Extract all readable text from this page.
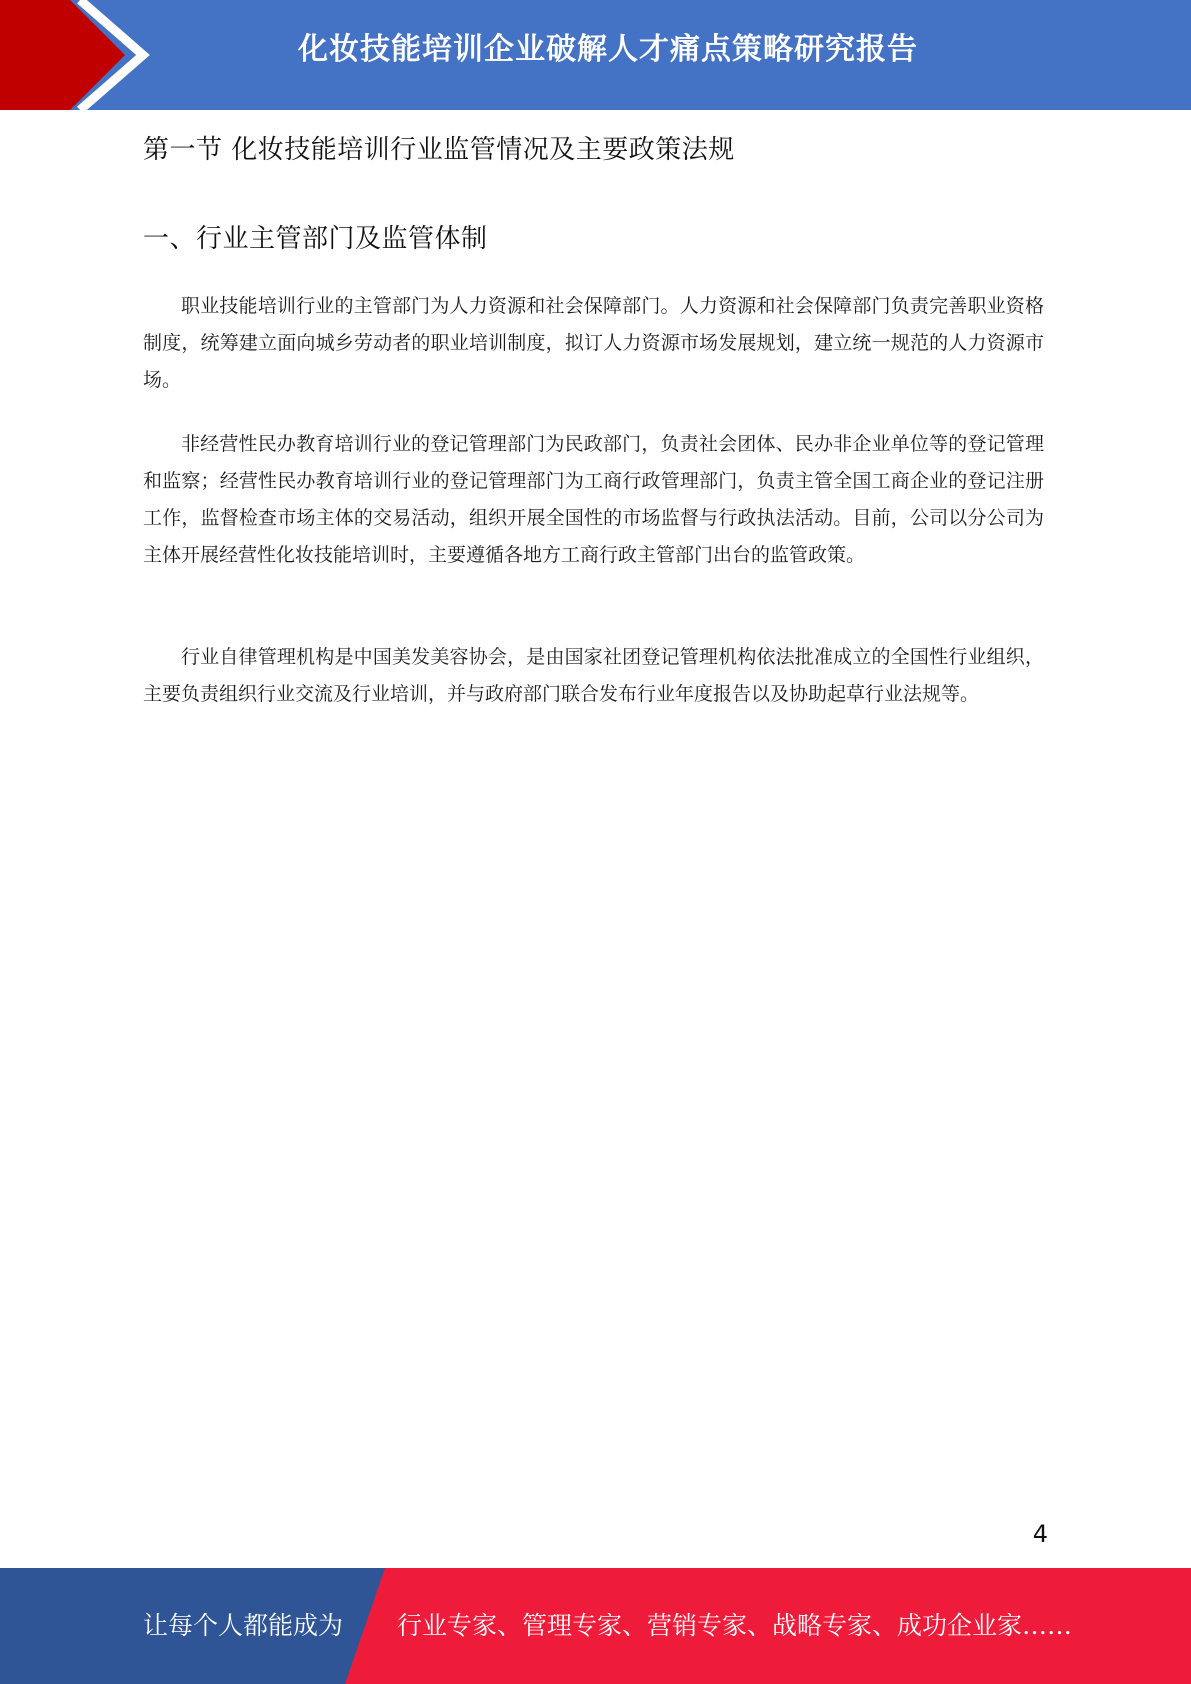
化妆技能培训企业破解人才痛点策略研究报告
第一节 化妆技能培训行业监管情况及主要政策法规
一、行业主管部门及监管体制

职业技能培训行业的主管部门为人力资源和社会保障部门。人力资源和社会保障部门负责完善职业资格制度，统筹建立面向城乡劳动者的职业培训制度，拟订人力资源市场发展规划，建立统一规范的人力资源市场。

非经营性民办教育培训行业的登记管理部门为民政部门，负责社会团体、民办非企业单位等的登记管理和监察；经营性民办教育培训行业的登记管理部门为工商行政管理部门，负责主管全国工商企业的登记注册工作，监督检查市场主体的交易活动，组织开展全国性的市场监督与行政执法活动。目前，公司以分公司为主体开展经营性化妆技能培训时，主要遵循各地方工商行政主管部门出台的监管政策。

行业自律管理机构是中国美发美容协会，是由国家社团登记管理机构依法批准成立的全国性行业组织，主要负责组织行业交流及行业培训，并与政府部门联合发布行业年度报告以及协助起草行业法规等。

4
让每个人都能成为 行业专家、管理专家、营销专家、战略专家、成功企业家……
